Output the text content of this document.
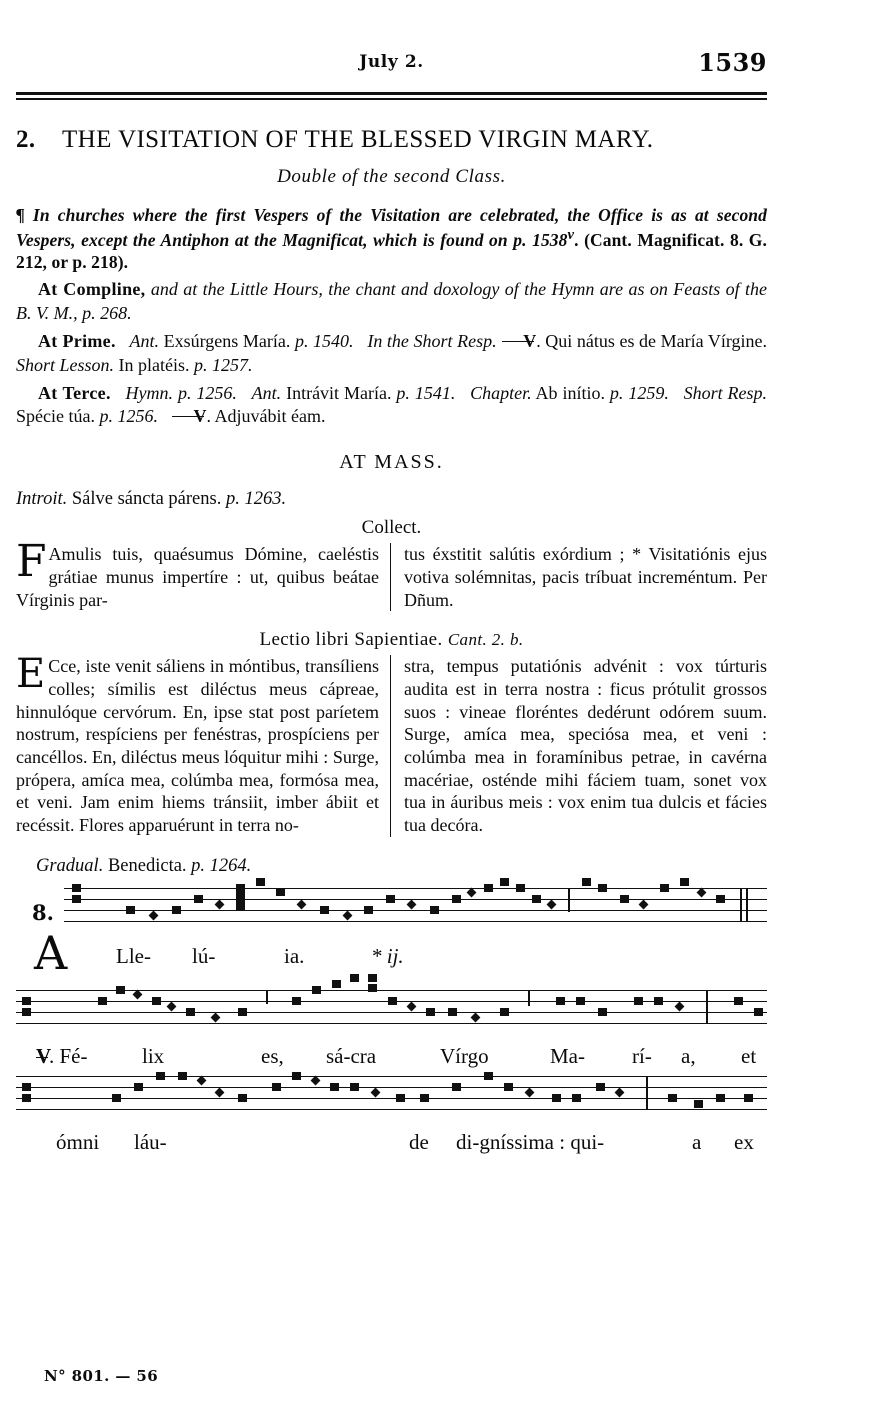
July 2.	1539
2. THE VISITATION OF THE BLESSED VIRGIN MARY.
Double of the second Class.

¶ In churches where the first Vespers of the Visitation are celebrated, the Office is as at second Vespers, except the Antiphon at the Magnificat, which is found on p. 1538$^v$. (Cant. Magnificat. 8. G. 212, or p. 218).

At Compline, and at the Little Hours, the chant and doxology of the Hymn are as on Feasts of the B. V. M., p. 268.

At Prime. Ant. Exsúrgens María. p. 1540. In the Short Resp. V. Qui nátus es de María Vírgine. Short Lesson. In platéis. p. 1257.

At Terce. Hymn. p. 1256. Ant. Intrávit María. p. 1541. Chapter. Ab inítio. p. 1259. Short Resp. Spécie túa. p. 1256. V. Adjuvábit éam.

AT MASS.

Introit. Sálve sáncta párens. p. 1263.

Collect.
F Amulis tuis, quaésumus Dómine, caeléstis grátiae munus impertíre : ut, quibus beátae Vírginis par-
tus éxstitit salútis exórdium ; * Visitatiónis ejus votiva solémnitas, pacis tríbuat increméntum. Per Dñum.
Lectio libri Sapientiae. Cant. 2. b.
E Cce, iste venit sáliens in móntibus, transíliens colles; símilis est diléctus meus cápreae, hinnulóque cervórum. En, ipse stat post paríetem nostrum, respíciens per fenéstras, prospíciens per cancéllos. En, diléctus meus lóquitur mihi : Surge, própera, amíca mea, colúmba mea, formósa mea, et veni. Jam enim hiems tránsiit, imber ábiit et recéssit. Flores apparuérunt in terra no-
stra, tempus putatiónis advénit : vox túrturis audita est in terra nostra : ficus prótulit grossos suos : vineae floréntes dedérunt odórem suum. Surge, amíca mea, speciósa mea, et veni : colúmba mea in foramínibus petrae, in cavérna macériae, osténde mihi fáciem tuam, sonet vox tua in áuribus meis : vox enim tua dulcis et fácies tua decóra.

Gradual. Benedicta. p. 1264.

8.
A Lle- lú-	ia.	* ij.
V
. Fé-	lix	es, sá-cra	Vírgo	Ma- rí- a, et
ómni láu-	de di-gníssima : qui-	a ex
N° 801. — 56
